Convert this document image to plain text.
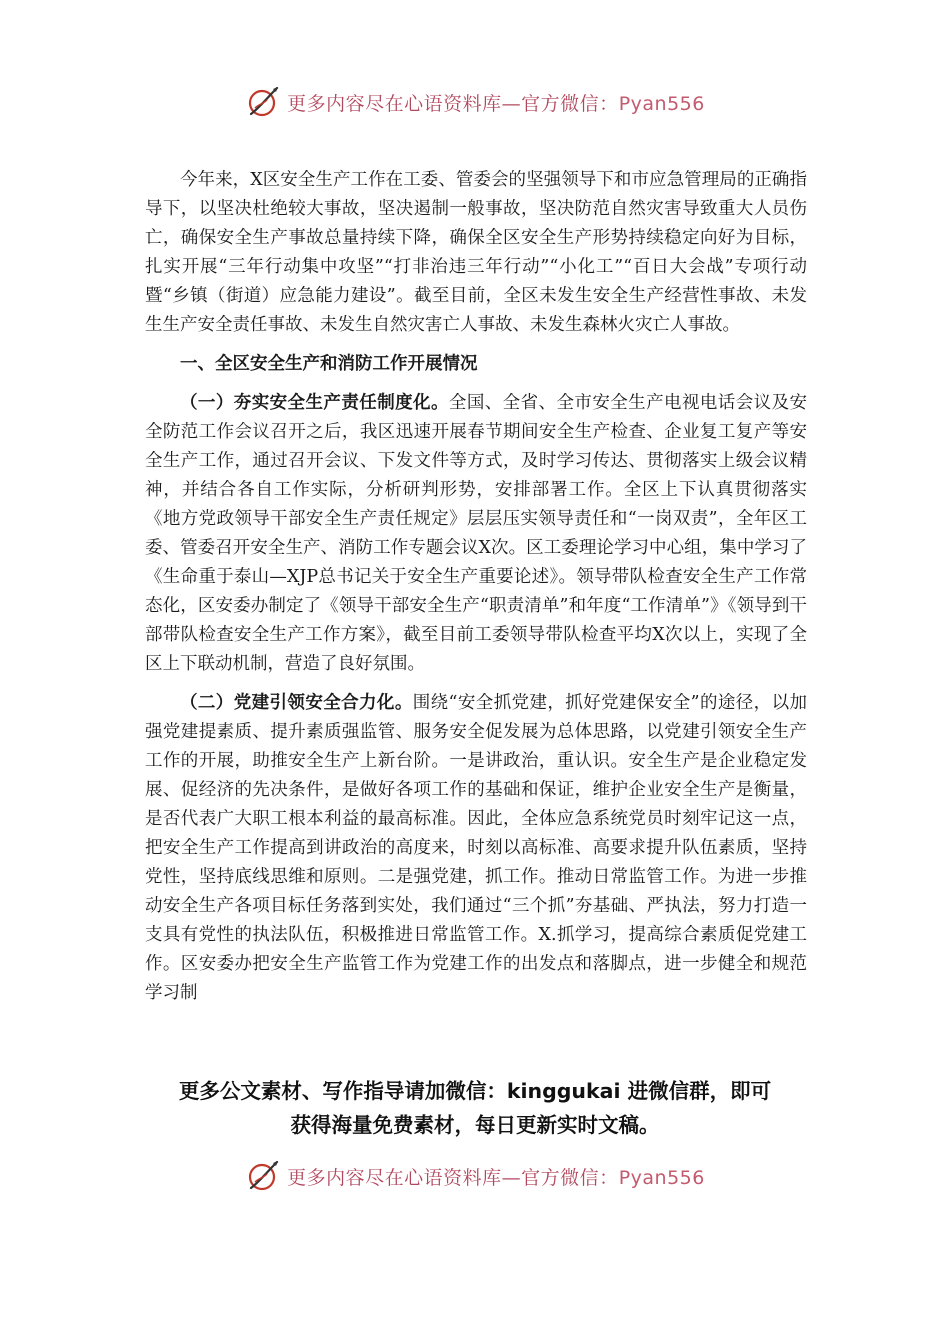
更多内容尽在心语资料库—官方微信：Pyan556

今年来，X区安全生产工作在工委、管委会的坚强领导下和市应急管理局的正确指导下，以坚决杜绝较大事故，坚决遏制一般事故，坚决防范自然灾害导致重大人员伤亡，确保安全生产事故总量持续下降，确保全区安全生产形势持续稳定向好为目标，扎实开展“三年行动集中攻坚”“打非治违三年行动”“小化工”“百日大会战”专项行动暨“乡镇（街道）应急能力建设”。截至目前，全区未发生安全生产经营性事故、未发生生产安全责任事故、未发生自然灾害亡人事故、未发生森林火灾亡人事故。

一、全区安全生产和消防工作开展情况

（一）夯实安全生产责任制度化。全国、全省、全市安全生产电视电话会议及安全防范工作会议召开之后，我区迅速开展春节期间安全生产检查、企业复工复产等安全生产工作，通过召开会议、下发文件等方式，及时学习传达、贯彻落实上级会议精神，并结合各自工作实际，分析研判形势，安排部署工作。全区上下认真贯彻落实《地方党政领导干部安全生产责任规定》层层压实领导责任和“一岗双责”，全年区工委、管委召开安全生产、消防工作专题会议X次。区工委理论学习中心组，集中学习了《生命重于泰山—XJP总书记关于安全生产重要论述》。领导带队检查安全生产工作常态化，区安委办制定了《领导干部安全生产“职责清单”和年度“工作清单”》《领导到干部带队检查安全生产工作方案》，截至目前工委领导带队检查平均X次以上，实现了全区上下联动机制，营造了良好氛围。

（二）党建引领安全合力化。围绕“安全抓党建，抓好党建保安全”的途径，以加强党建提素质、提升素质强监管、服务安全促发展为总体思路，以党建引领安全生产工作的开展，助推安全生产上新台阶。一是讲政治，重认识。安全生产是企业稳定发展、促经济的先决条件，是做好各项工作的基础和保证，维护企业安全生产是衡量，是否代表广大职工根本利益的最高标准。因此，全体应急系统党员时刻牢记这一点，把安全生产工作提高到讲政治的高度来，时刻以高标准、高要求提升队伍素质，坚持党性，坚持底线思维和原则。二是强党建，抓工作。推动日常监管工作。为进一步推动安全生产各项目标任务落到实处，我们通过“三个抓”夯基础、严执法，努力打造一支具有党性的执法队伍，积极推进日常监管工作。X.抓学习，提高综合素质促党建工作。区安委办把安全生产监管工作为党建工作的出发点和落脚点，进一步健全和规范学习制

更多公文素材、写作指导请加微信：kinggukai 进微信群，即可
获得海量免费素材，每日更新实时文稿。
更多内容尽在心语资料库—官方微信：Pyan556
